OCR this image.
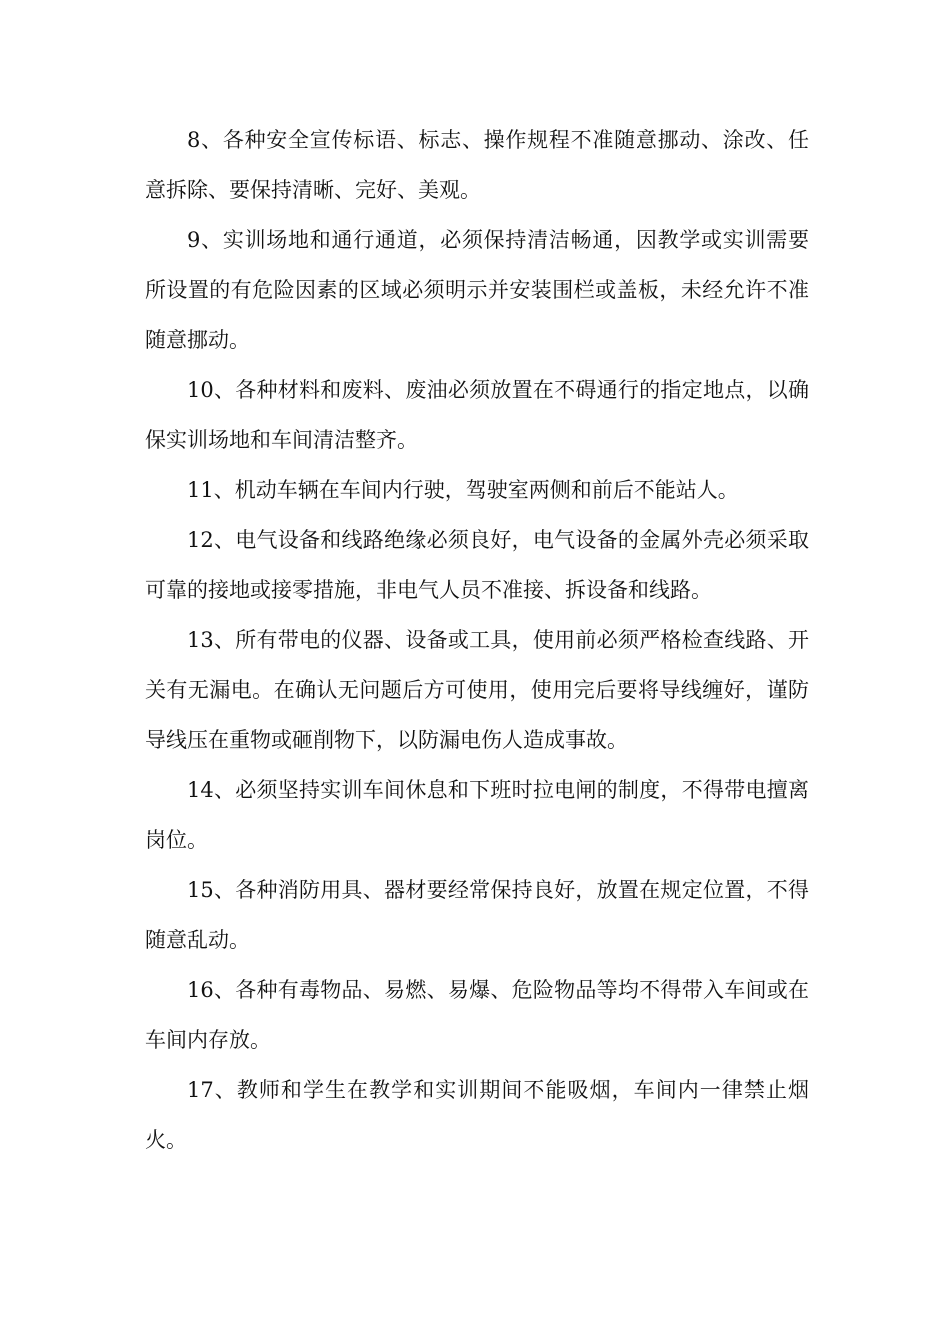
8、各种安全宣传标语、标志、操作规程不准随意挪动、涂改、任意拆除、要保持清晰、完好、美观。

9、实训场地和通行通道，必须保持清洁畅通，因教学或实训需要所设置的有危险因素的区域必须明示并安装围栏或盖板，未经允许不准随意挪动。

10、各种材料和废料、废油必须放置在不碍通行的指定地点，以确保实训场地和车间清洁整齐。

11、机动车辆在车间内行驶，驾驶室两侧和前后不能站人。

12、电气设备和线路绝缘必须良好，电气设备的金属外壳必须采取可靠的接地或接零措施，非电气人员不准接、拆设备和线路。

13、所有带电的仪器、设备或工具，使用前必须严格检查线路、开关有无漏电。在确认无问题后方可使用，使用完后要将导线缠好，谨防导线压在重物或砸削物下，以防漏电伤人造成事故。

14、必须坚持实训车间休息和下班时拉电闸的制度，不得带电擅离岗位。

15、各种消防用具、器材要经常保持良好，放置在规定位置，不得随意乱动。

16、各种有毒物品、易燃、易爆、危险物品等均不得带入车间或在车间内存放。

17、教师和学生在教学和实训期间不能吸烟，车间内一律禁止烟火。
